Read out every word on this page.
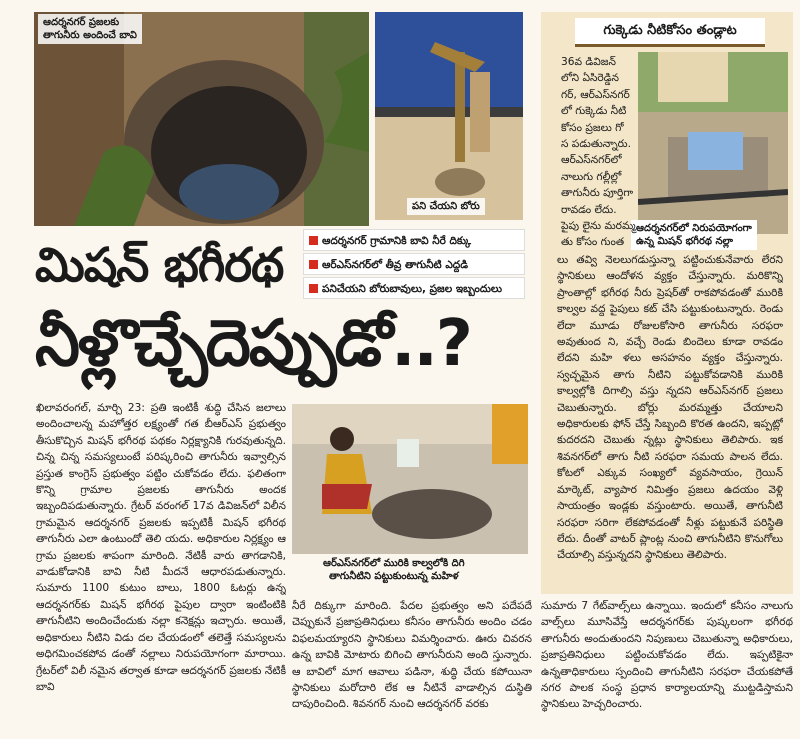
ఆదర్శనగర్ ప్రజలకు
తాగునీరు అందించే బావి
పని చేయని బోరు
ఆదర్శనగర్ గ్రామానికి బావి నీరే దిక్కు
ఆర్‌ఎస్‌నగర్‌లో తీవ్ర తాగునీటి ఎద్దడి
పనిచేయని బోరుబావులు, ప్రజల ఇబ్బందులు
మిషన్ భగీరథ
నీళ్లొచ్చేదెప్పుడో..?
గుక్కెడు నీటికోసం తండ్లాట
ఆదర్శనగర్‌లో నిరుపయోగంగా
ఉన్న మిషన్ భగీరథ నల్లా
36వ డివిజన్
లోని ఏసిరెడ్డిన
గర్, ఆర్‌ఎస్‌నగర్
లో గుక్కెడు నీటి
కోసం ప్రజలు గో
స పడుతున్నారు.
ఆర్‌ఎస్‌నగర్‌లో
నాలుగు గల్లీల్లో
తాగునీరు పూర్తిగా
రావడం లేదు.
పైపు లైను మరమ్మ
తు కోసం గుంత
లు తవ్వి నెలలుగడుస్తున్నా పట్టించుకునేవారు లేరని స్థానికులు ఆందోళన వ్యక్తం చేస్తున్నారు. మరికొన్ని ప్రాంతాల్లో భగీరథ నీరు ప్రెషర్‌తో రాకపోవడంతో మురికి కాల్వల వద్ద పైపులు కట్ చేసి పట్టుకుంటున్నారు. రెండు లేదా మూడు రోజులకోసారి తాగునీరు సరఫరా అవుతుంద ని, వచ్చే రెండు బిందెలు కూడా రావడం లేదని మహి ళలు అసహనం వ్యక్తం చేస్తున్నారు. స్వచ్ఛమైన తాగు నీటిని పట్టుకోవడానికి మురికి కాల్వల్లోకి దిగాల్సి వస్తు న్నదని ఆర్‌ఎస్‌నగర్ ప్రజలు చెబుతున్నారు. బోర్లు మరమ్మత్తు చేయాలని అధికారులకు ఫోన్ చేస్తే సిబ్బంది కొరత ఉందని, ఇప్పట్లో కుదరదని చెబుతు న్నట్లు స్థానికులు తెలిపారు. ఇక శివనగర్‌లో తాగు నీటి సరఫరా సమయ పాలన లేదు. కోటలో ఎక్కువ సంఖ్యలో వ్యవసాయం, గ్రెయిన్ మార్కెట్, వ్యాపార నిమిత్తం ప్రజలు ఉదయం వెళ్లి సాయంత్రం ఇండ్లకు వస్తుంటారు. అయితే, తాగునీటి సరఫరా సరిగా లేకపోవడంతో నీళ్లు పట్టుకునే పరిస్థితి లేదు. దీంతో వాటర్ ప్లాంట్ల నుంచి తాగునీటిని కొనుగోలు చేయాల్సి వస్తున్నదని స్థానికులు తెలిపారు.
ఆర్‌ఎస్‌నగర్‌లో మురికి కాల్వలోకి దిగి
తాగునీటిని పట్టుకుంటున్న మహిళ
ఖిలావరంగల్, మార్చి 23: ప్రతి ఇంటికీ శుద్ధి చేసిన జలాలు అందించాలన్న మహోత్తర లక్ష్యంతో గత బీఆర్‌ఎస్ ప్రభుత్వం తీసుకొచ్చిన మిషన్ భగీరథ పథకం నిర్లక్ష్యానికి గురవుతున్నది. చిన్న చిన్న సమస్యలుంటే పరిష్కరించి తాగునీరు ఇవ్వాల్సిన ప్రస్తుత కాంగ్రెస్ ప్రభుత్వం పట్టిం చుకోవడం లేదు. ఫలితంగా కొన్ని గ్రామాల ప్రజలకు తాగునీరు అందక ఇబ్బందిపడుతున్నారు. గ్రేటర్ వరంగల్ 17వ డివిజన్‌లో విలీన గ్రామమైన ఆదర్శనగర్ ప్రజలకు ఇప్పటికీ మిషన్ భగీరథ తాగునీరు ఎలా ఉంటుందో తెలి యదు. అధికారుల నిర్లక్ష్యం ఆ గ్రామ ప్రజలకు శాపంగా మారింది. నేటికీ వారు తాగడానికి, వాడుకోడానికి బావి నీటి మీదనే ఆధారపడుతున్నారు. సుమారు 1100 కుటుం బాలు, 1800 ఓటర్లు ఉన్న ఆదర్శనగర్‌కు మిషన్ భగీరథ పైపుల ద్వారా ఇంటింటికి తాగునీటిని అందించేందుకు నల్లా కనెక్షన్లు ఇచ్చారు. అయితే, అధికారులు నీటిని విడు దల చేయడంలో తలెత్తే సమస్యలను అధిగమించకపోవ డంతో నల్లాలు నిరుపయోగంగా మారాయి. గ్రేటర్‌లో విలీ నమైన తర్వాత కూడా ఆదర్శనగర్ ప్రజలకు నేటికీ బావి
నీరే దిక్కుగా మారింది. పేదల ప్రభుత్వం అని పదేపదే చెప్పుకునే ప్రజాప్రతినిధులు కనీసం తాగునీరు అందిం చడం విఫలమయ్యారని స్థానికులు విమర్శించారు. ఊరు చివరన ఉన్న బావికి మోటారు బిగించి తాగునీరుని అంది స్తున్నారు. ఆ బావిలో మాగ ఆవాలు పడినా, శుద్ధి చేయ కపోయినా స్థానికులు మరోదారి లేక ఆ నీటినే వాడాల్సిన దుస్థితి దాపురించింది. శివనగర్ నుంచి ఆదర్శనగర్ వరకు
సుమారు 7 గేట్‌వాల్స్‌లు ఉన్నాయి. ఇందులో కనీసం నాలుగు వాల్స్‌లు మూసివేస్తే ఆదర్శనగర్‌కు పుష్కలంగా భగీరథ తాగునీరు అందుతుందని నిపుణులు చెబుతున్నా అధికారులు, ప్రజాప్రతినిధులు పట్టించుకోవడం లేదు. ఇప్పటికైనా ఉన్నతాధికారులు స్పందించి తాగునీటిని సరఫరా చేయకపోతే నగర పాలక సంస్థ ప్రధాన కార్యాలయాన్ని ముట్టడిస్తామని స్థానికులు హెచ్చరించారు.
